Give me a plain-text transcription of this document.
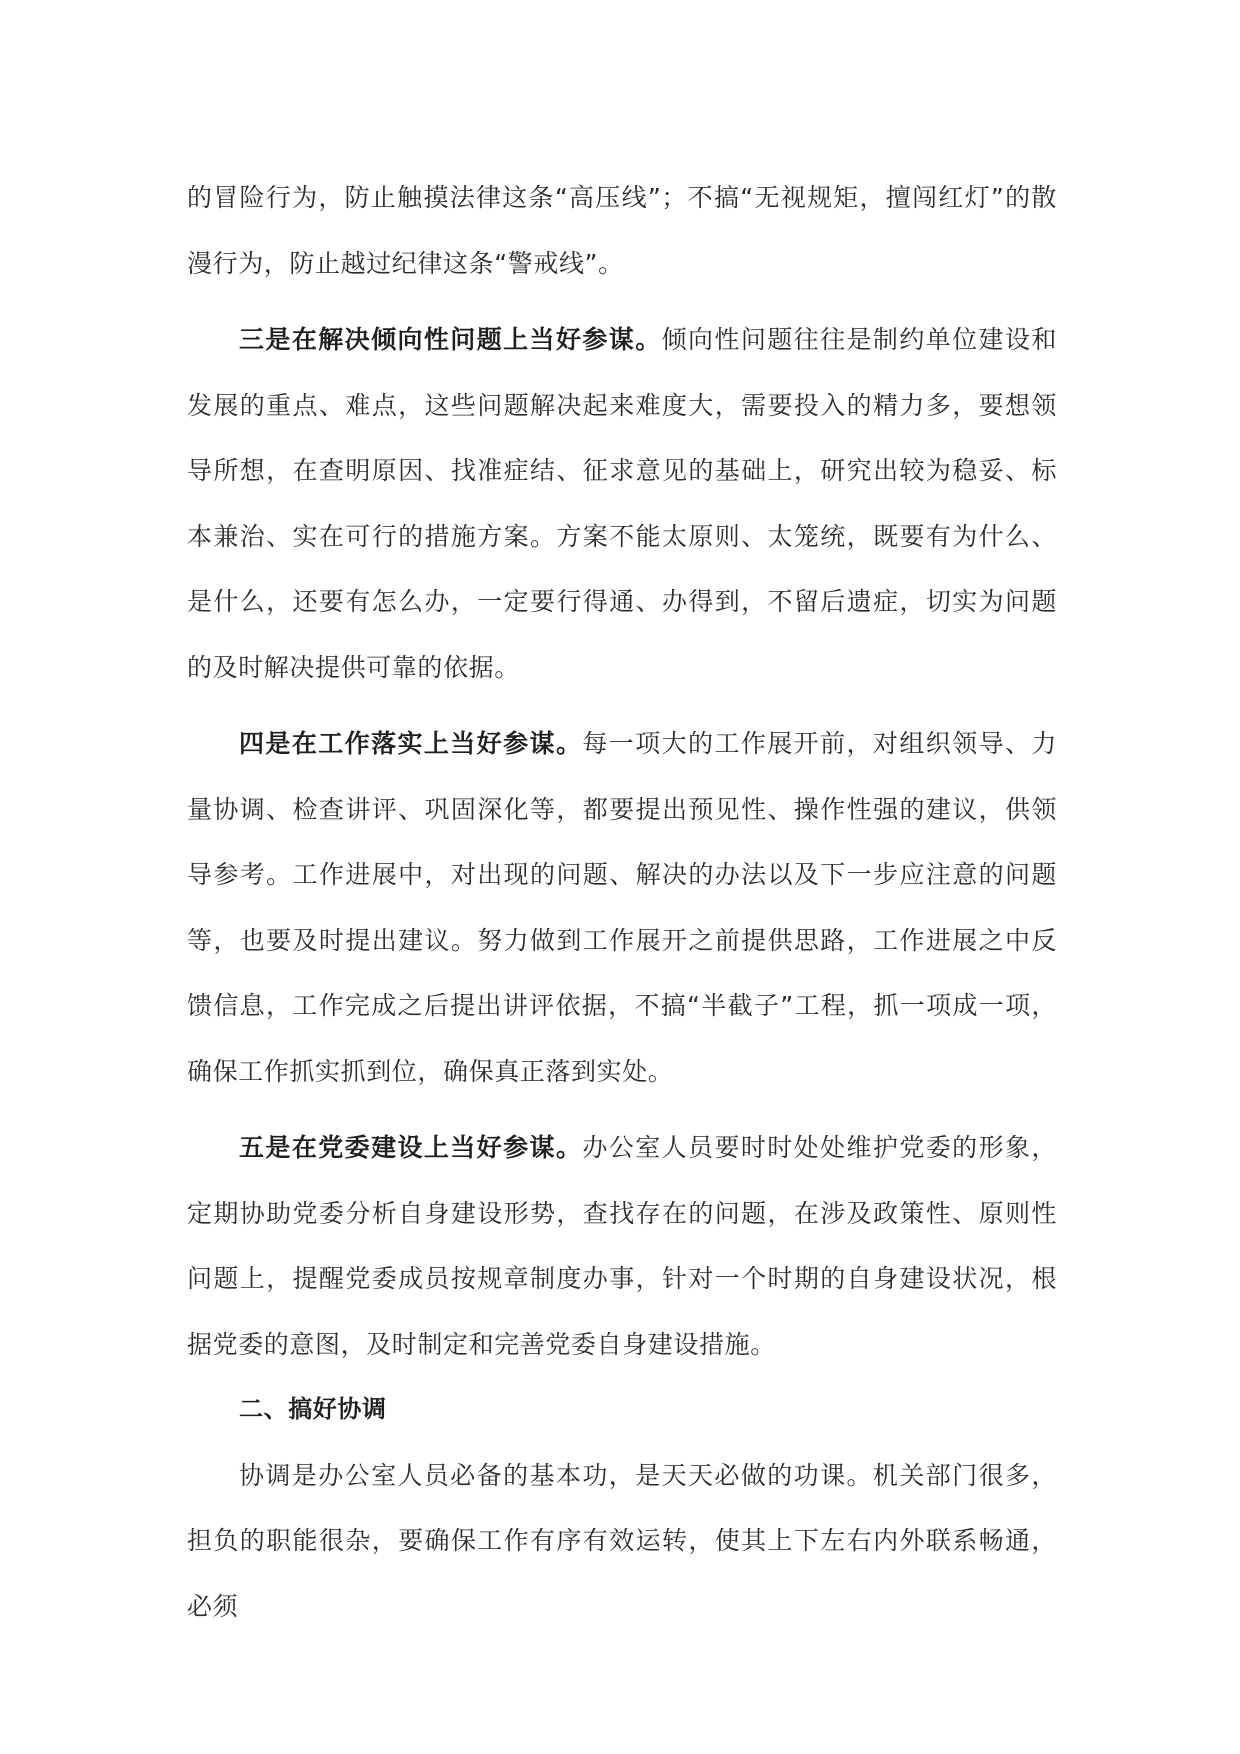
的冒险行为，防止触摸法律这条“高压线”；不搞“无视规矩，擅闯红灯”的散漫行为，防止越过纪律这条“警戒线”。

三是在解决倾向性问题上当好参谋。倾向性问题往往是制约单位建设和发展的重点、难点，这些问题解决起来难度大，需要投入的精力多，要想领导所想，在查明原因、找准症结、征求意见的基础上，研究出较为稳妥、标本兼治、实在可行的措施方案。方案不能太原则、太笼统，既要有为什么、是什么，还要有怎么办，一定要行得通、办得到，不留后遗症，切实为问题的及时解决提供可靠的依据。

四是在工作落实上当好参谋。每一项大的工作展开前，对组织领导、力量协调、检查讲评、巩固深化等，都要提出预见性、操作性强的建议，供领导参考。工作进展中，对出现的问题、解决的办法以及下一步应注意的问题等，也要及时提出建议。努力做到工作展开之前提供思路，工作进展之中反馈信息，工作完成之后提出讲评依据，不搞“半截子”工程，抓一项成一项，确保工作抓实抓到位，确保真正落到实处。

五是在党委建设上当好参谋。办公室人员要时时处处维护党委的形象，定期协助党委分析自身建设形势，查找存在的问题，在涉及政策性、原则性问题上，提醒党委成员按规章制度办事，针对一个时期的自身建设状况，根据党委的意图，及时制定和完善党委自身建设措施。

二、搞好协调

协调是办公室人员必备的基本功，是天天必做的功课。机关部门很多，担负的职能很杂，要确保工作有序有效运转，使其上下左右内外联系畅通，必须
